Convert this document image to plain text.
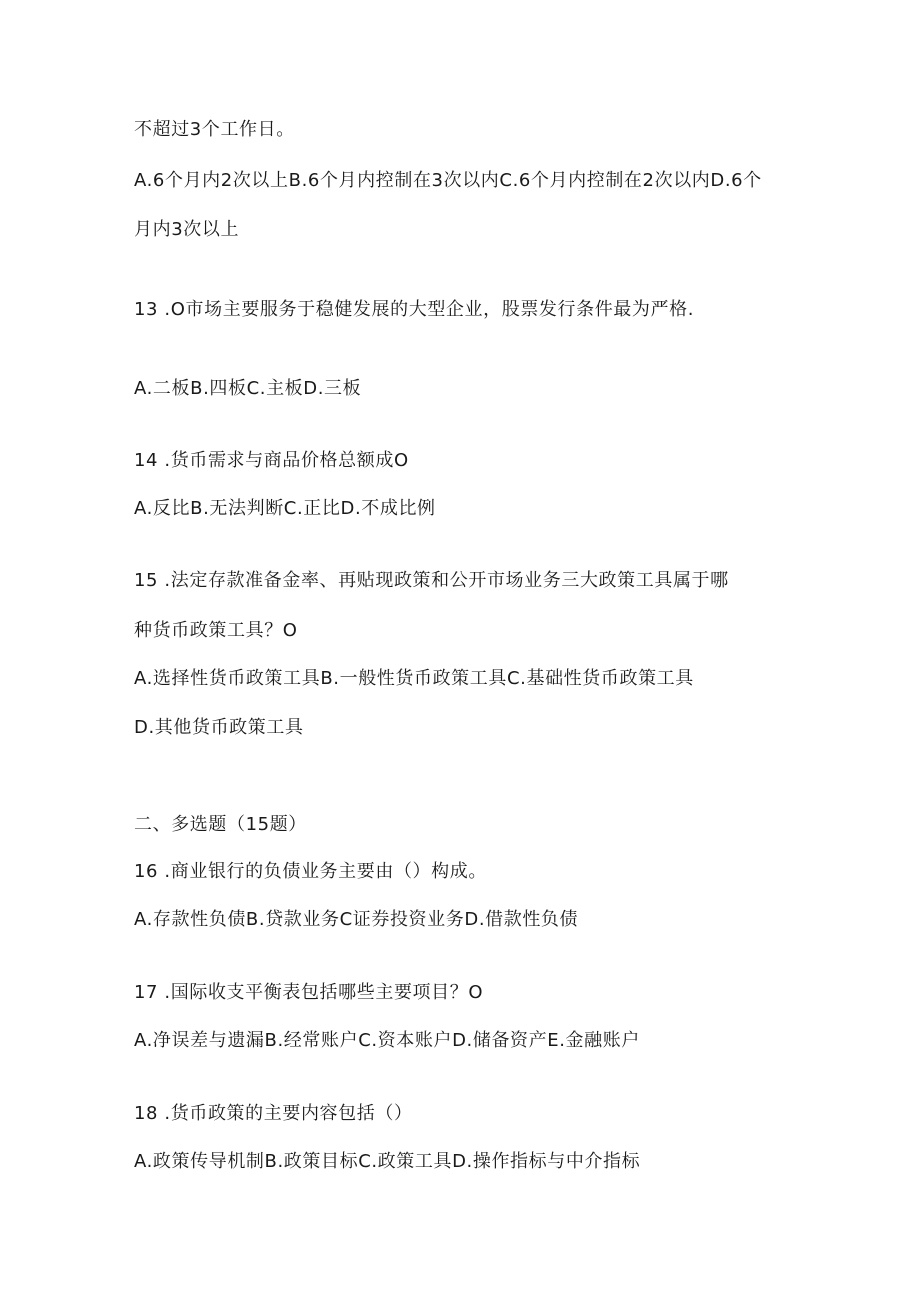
不超过3个工作日。
A.6个月内2次以上B.6个月内控制在3次以内C.6个月内控制在2次以内D.6个
月内3次以上
13 .O市场主要服务于稳健发展的大型企业，股票发行条件最为严格.
A.二板B.四板C.主板D.三板
14 .货币需求与商品价格总额成O
A.反比B.无法判断C.正比D.不成比例
15 .法定存款准备金率、再贴现政策和公开市场业务三大政策工具属于哪
种货币政策工具？O
A.选择性货币政策工具B.一般性货币政策工具C.基础性货币政策工具
D.其他货币政策工具
二、多选题（15题）
16 .商业银行的负债业务主要由（）构成。
A.存款性负债B.贷款业务C证券投资业务D.借款性负债
17 .国际收支平衡表包括哪些主要项目？O
A.净误差与遗漏B.经常账户C.资本账户D.储备资产E.金融账户
18 .货币政策的主要内容包括（）
A.政策传导机制B.政策目标C.政策工具D.操作指标与中介指标
